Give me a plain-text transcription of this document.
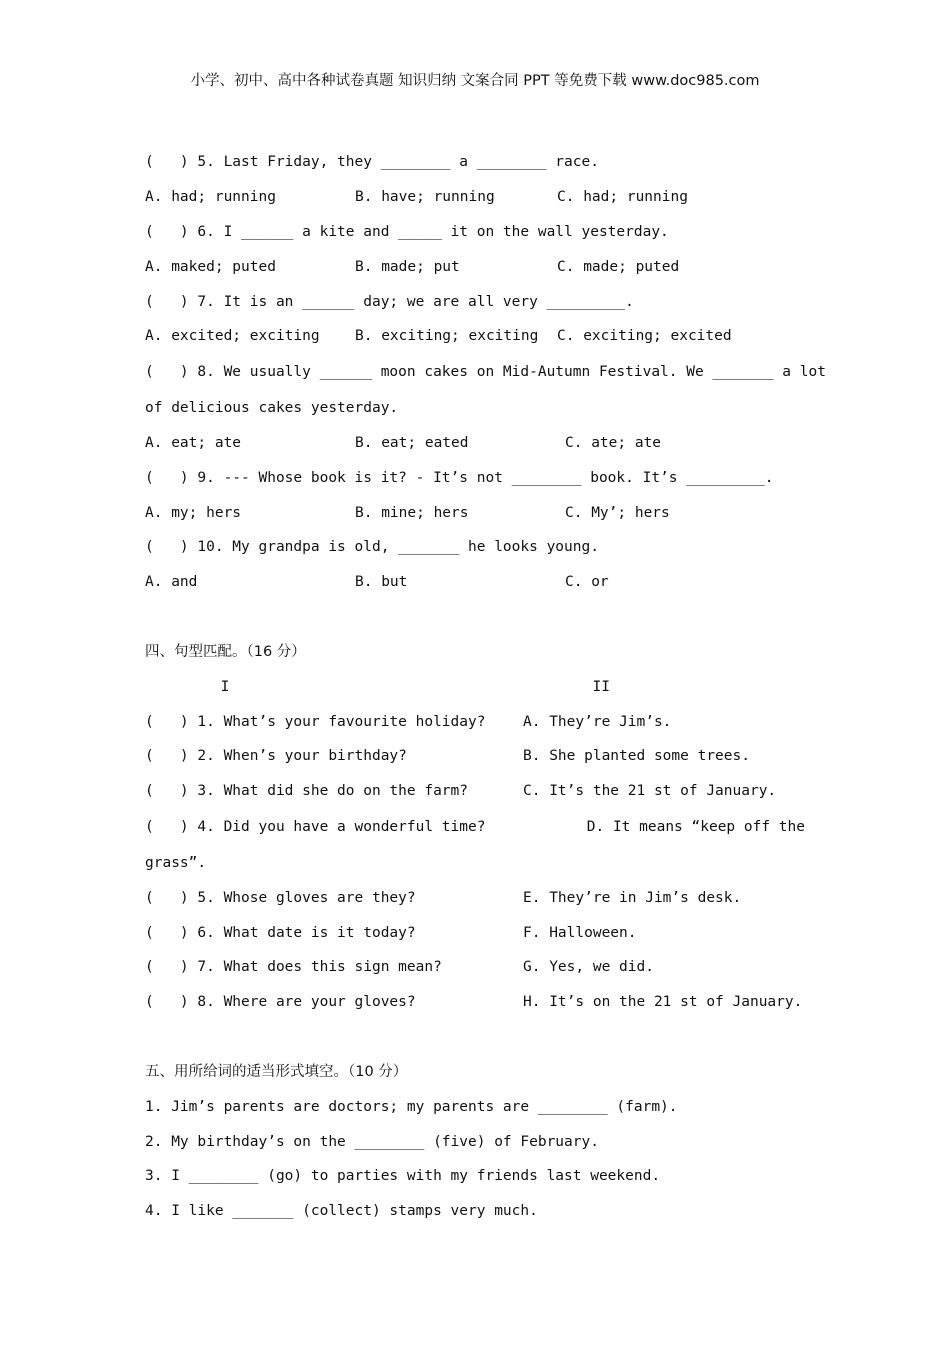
小学、初中、高中各种试卷真题 知识归纳 文案合同 PPT 等免费下载 www.doc985.com
(   ) 5. Last Friday, they ________ a ________ race.
A. had; running	B. have; running	C. had; running
(   ) 6. I ______ a kite and _____ it on the wall yesterday.
A. maked; puted	B. made; put	C. made; puted
(   ) 7. It is an ______ day; we are all very _________.
A. excited; exciting	B. exciting; exciting	C. exciting; excited
(   ) 8. We usually ______ moon cakes on Mid-Autumn Festival. We _______ a lot
of delicious cakes yesterday.
A. eat; ate	B. eat; eated	C. ate; ate
(   ) 9. --- Whose book is it? - It’s not ________ book. It’s _________.
A. my; hers	B. mine; hers	C. My’; hers
(   ) 10. My grandpa is old, _______ he looks young.
A. and	B. but	C. or
四、句型匹配。（16 分）
I	II
(   ) 1. What’s your favourite holiday?	A. They’re Jim’s.
(   ) 2. When’s your birthday?	B. She planted some trees.
(   ) 3. What did she do on the farm?	C. It’s the 21 st of January.
(   ) 4. Did you have a wonderful time?	D. It means “keep off the
grass”.
(   ) 5. Whose gloves are they?	E. They’re in Jim’s desk.
(   ) 6. What date is it today?	F. Halloween.
(   ) 7. What does this sign mean?	G. Yes, we did.
(   ) 8. Where are your gloves?	H. It’s on the 21 st of January.
五、用所给词的适当形式填空。（10 分）
1. Jim’s parents are doctors; my parents are ________ (farm).
2. My birthday’s on the ________ (five) of February.
3. I ________ (go) to parties with my friends last weekend.
4. I like _______ (collect) stamps very much.
